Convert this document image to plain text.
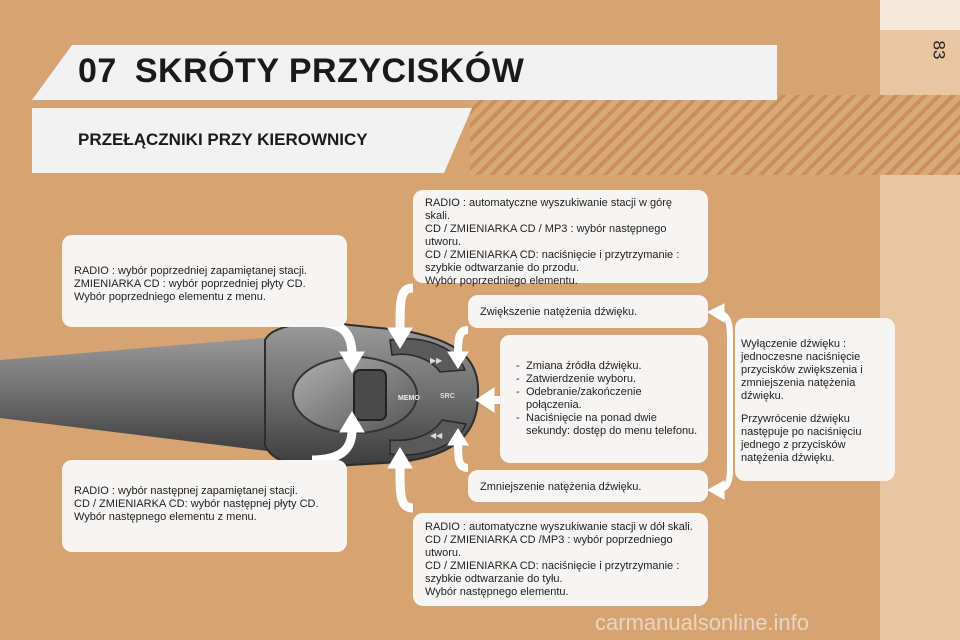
83
07 SKRÓTY PRZYCISKÓW
PRZEŁĄCZNIKI PRZY KIEROWNICY
MEMO	SRC
▶▶
◀◀

RADIO : wybór poprzedniej zapamiętanej stacji.

ZMIENIARKA CD : wybór poprzedniej płyty CD.

Wybór poprzedniego elementu z menu.

RADIO : wybór następnej zapamiętanej stacji.

CD / ZMIENIARKA CD: wybór następnej płyty CD.

Wybór następnego elementu z menu.

RADIO : automatyczne wyszukiwanie stacji w górę skali.

CD / ZMIENIARKA CD / MP3 : wybór następnego utworu.

CD / ZMIENIARKA CD: naciśnięcie i przytrzymanie : szybkie odtwarzanie do przodu.

Wybór poprzedniego elementu.

Zwiększenie natężenia dźwięku.

- Zmiana źródła dźwięku.
- Zatwierdzenie wyboru.
- Odebranie/zakończenie połączenia.
- Naciśnięcie na ponad dwie sekundy: dostęp do menu telefonu.

Zmniejszenie natężenia dźwięku.

RADIO : automatyczne wyszukiwanie stacji w dół skali.

CD / ZMIENIARKA CD /MP3 : wybór poprzedniego utworu.

CD / ZMIENIARKA CD: naciśnięcie i przytrzymanie : szybkie odtwarzanie do tyłu.

Wybór następnego elementu.

Wyłączenie dźwięku : jednoczesne naciśnięcie przycisków zwiększenia i zmniejszenia natężenia dźwięku.

Przywrócenie dźwięku następuje po naciśnięciu jednego z przycisków natężenia dźwięku.

carmanualsonline.info
